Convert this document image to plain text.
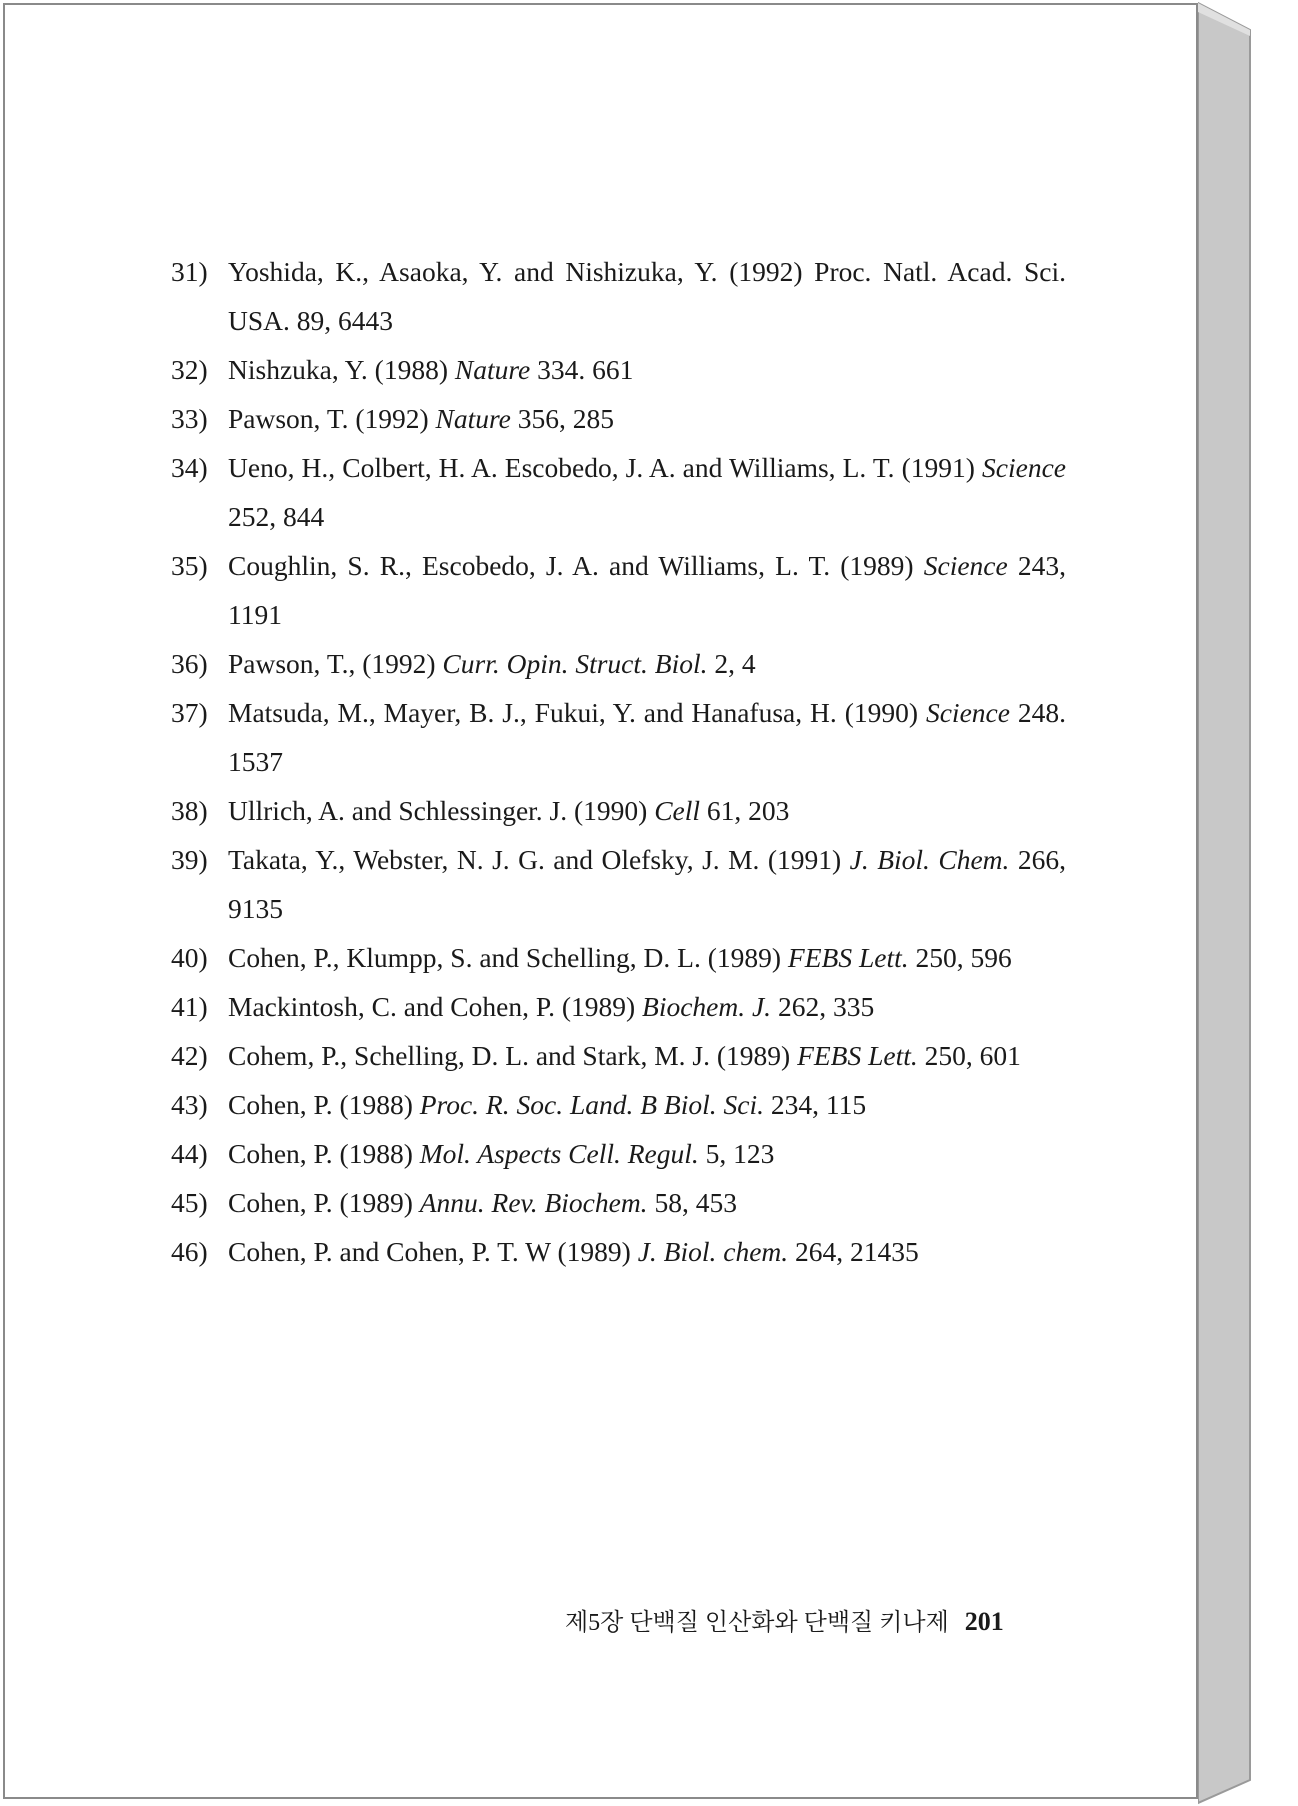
31) Yoshida, K., Asaoka, Y. and Nishizuka, Y. (1992) Proc. Natl. Acad. Sci. USA. 89, 6443
32) Nishzuka, Y. (1988) Nature 334. 661
33) Pawson, T. (1992) Nature 356, 285
34) Ueno, H., Colbert, H. A. Escobedo, J. A. and Williams, L. T. (1991) Science 252, 844
35) Coughlin, S. R., Escobedo, J. A. and Williams, L. T. (1989) Science 243, 1191
36) Pawson, T., (1992) Curr. Opin. Struct. Biol. 2, 4
37) Matsuda, M., Mayer, B. J., Fukui, Y. and Hanafusa, H. (1990) Science 248. 1537
38) Ullrich, A. and Schlessinger. J. (1990) Cell 61, 203
39) Takata, Y., Webster, N. J. G. and Olefsky, J. M. (1991) J. Biol. Chem. 266, 9135
40) Cohen, P., Klumpp, S. and Schelling, D. L. (1989) FEBS Lett. 250, 596
41) Mackintosh, C. and Cohen, P. (1989) Biochem. J. 262, 335
42) Cohem, P., Schelling, D. L. and Stark, M. J. (1989) FEBS Lett. 250, 601
43) Cohen, P. (1988) Proc. R. Soc. Land. B Biol. Sci. 234, 115
44) Cohen, P. (1988) Mol. Aspects Cell. Regul. 5, 123
45) Cohen, P. (1989) Annu. Rev. Biochem. 58, 453
46) Cohen, P. and Cohen, P. T. W (1989) J. Biol. chem. 264, 21435
제5장 단백질 인산화와 단백질 키나제 201
